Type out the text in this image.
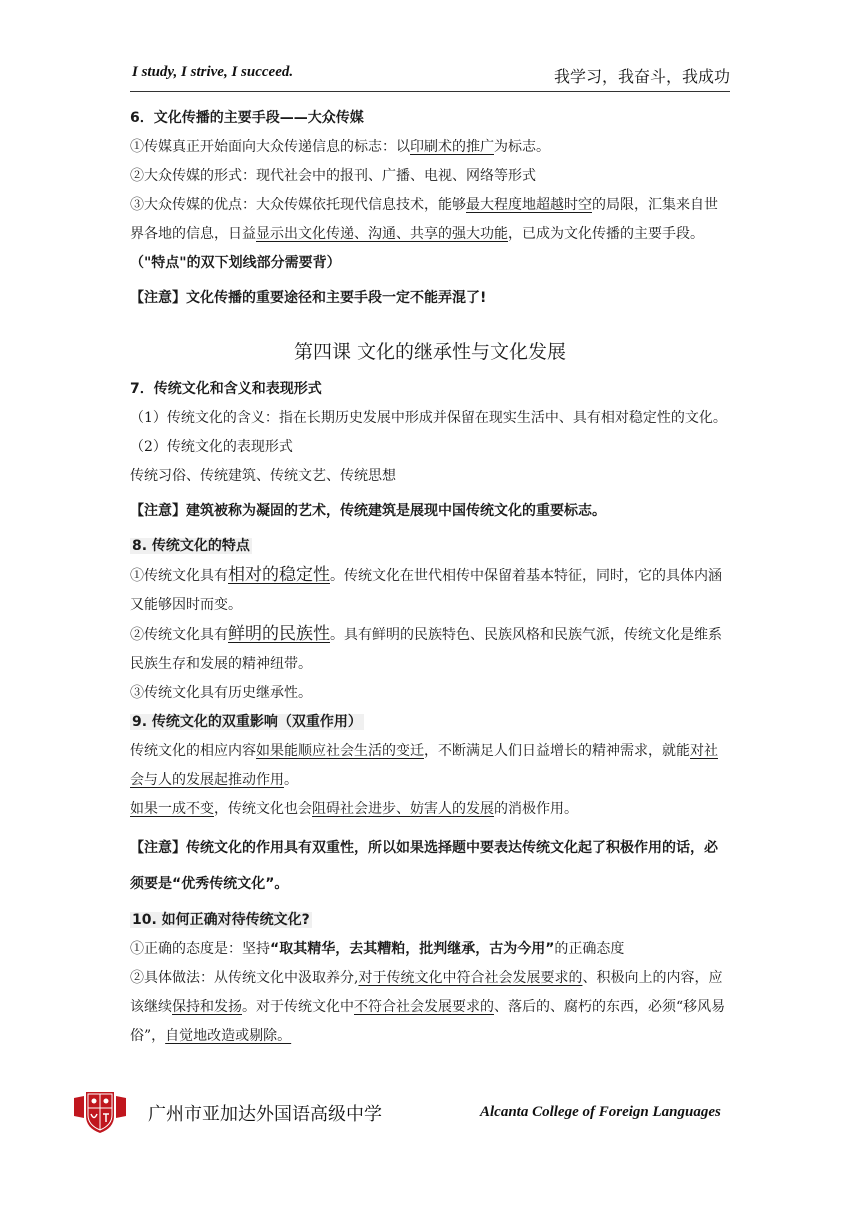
I study, I strive, I succeed.	我学习，我奋斗，我成功

6．文化传播的主要手段——大众传媒

①传媒真正开始面向大众传递信息的标志：以印刷术的推广为标志。

②大众传媒的形式：现代社会中的报刊、广播、电视、网络等形式

③大众传媒的优点：大众传媒依托现代信息技术，能够最大程度地超越时空的局限，汇集来自世界各地的信息，日益显示出文化传递、沟通、共享的强大功能，已成为文化传播的主要手段。（"特点"的双下划线部分需要背）

【注意】文化传播的重要途径和主要手段一定不能弄混了!

第四课 文化的继承性与文化发展

7．传统文化和含义和表现形式

（1）传统文化的含义：指在长期历史发展中形成并保留在现实生活中、具有相对稳定性的文化。

（2）传统文化的表现形式

传统习俗、传统建筑、传统文艺、传统思想

【注意】建筑被称为凝固的艺术，传统建筑是展现中国传统文化的重要标志。

8. 传统文化的特点

①传统文化具有相对的稳定性。传统文化在世代相传中保留着基本特征，同时，它的具体内涵又能够因时而变。

②传统文化具有鲜明的民族性。具有鲜明的民族特色、民族风格和民族气派，传统文化是维系民族生存和发展的精神纽带。

③传统文化具有历史继承性。

9. 传统文化的双重影响（双重作用）

传统文化的相应内容如果能顺应社会生活的变迁，不断满足人们日益增长的精神需求，就能对社会与人的发展起推动作用。

如果一成不变，传统文化也会阻碍社会进步、妨害人的发展的消极作用。

【注意】传统文化的作用具有双重性，所以如果选择题中要表达传统文化起了积极作用的话，必须要是“优秀传统文化”。

10. 如何正确对待传统文化?

①正确的态度是：坚持“取其精华，去其糟粕，批判继承，古为今用”的正确态度

②具体做法：从传统文化中汲取养分,对于传统文化中符合社会发展要求的、积极向上的内容，应该继续保持和发扬。对于传统文化中不符合社会发展要求的、落后的、腐朽的东西，必须“移风易俗”，自觉地改造或剔除。

广州市亚加达外国语高级中学	Alcanta College of Foreign Languages
